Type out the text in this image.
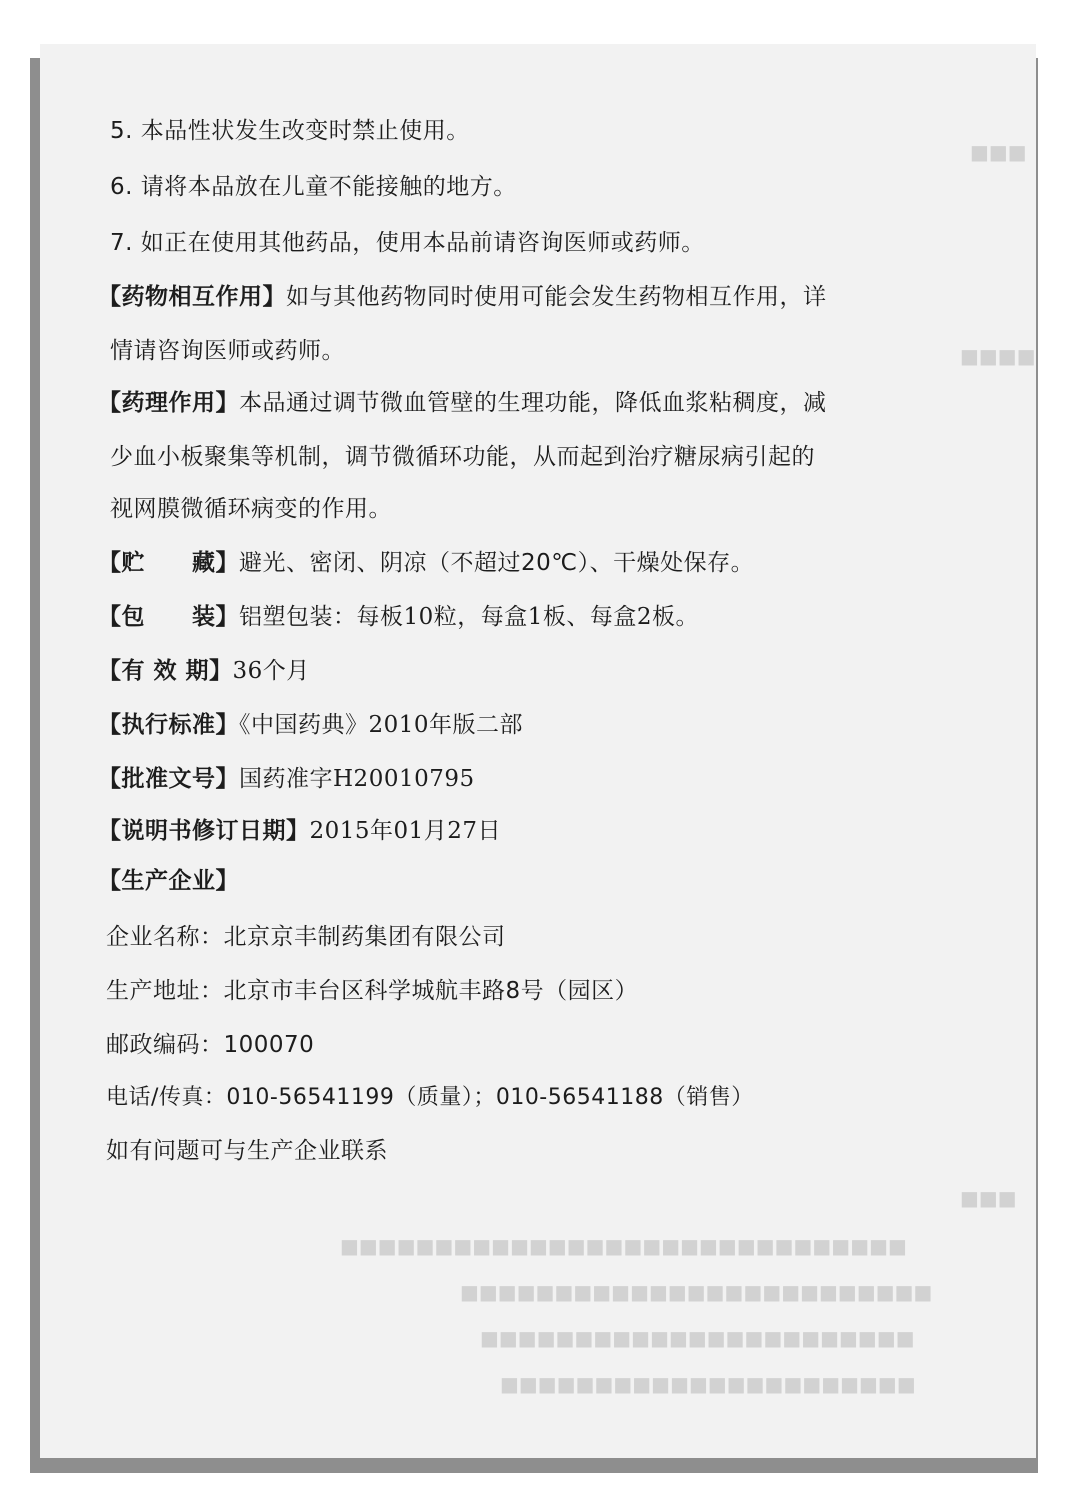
■■■
■■■■
■■■
■■■■■■■■■■■■■■■■■■■■■■■■■■■■■■
■■■■■■■■■■■■■■■■■■■■■■■■■
■■■■■■■■■■■■■■■■■■■■■■■
■■■■■■■■■■■■■■■■■■■■■■
5. 本品性状发生改变时禁止使用。
6. 请将本品放在儿童不能接触的地方。
7. 如正在使用其他药品，使用本品前请咨询医师或药师。
【药物相互作用】如与其他药物同时使用可能会发生药物相互作用，详
情请咨询医师或药师。
【药理作用】本品通过调节微血管壁的生理功能，降低血浆粘稠度，减
少血小板聚集等机制，调节微循环功能，从而起到治疗糖尿病引起的
视网膜微循环病变的作用。
【贮　　藏】避光、密闭、阴凉（不超过20℃）、干燥处保存。
【包　　装】铝塑包装：每板10粒，每盒1板、每盒2板。
【有 效 期】36个月
【执行标准】《中国药典》2010年版二部
【批准文号】国药准字H20010795
【说明书修订日期】2015年01月27日
【生产企业】
企业名称：北京京丰制药集团有限公司
生产地址：北京市丰台区科学城航丰路8号（园区）
邮政编码：100070
电话/传真：010-56541199（质量）；010-56541188（销售）
如有问题可与生产企业联系
